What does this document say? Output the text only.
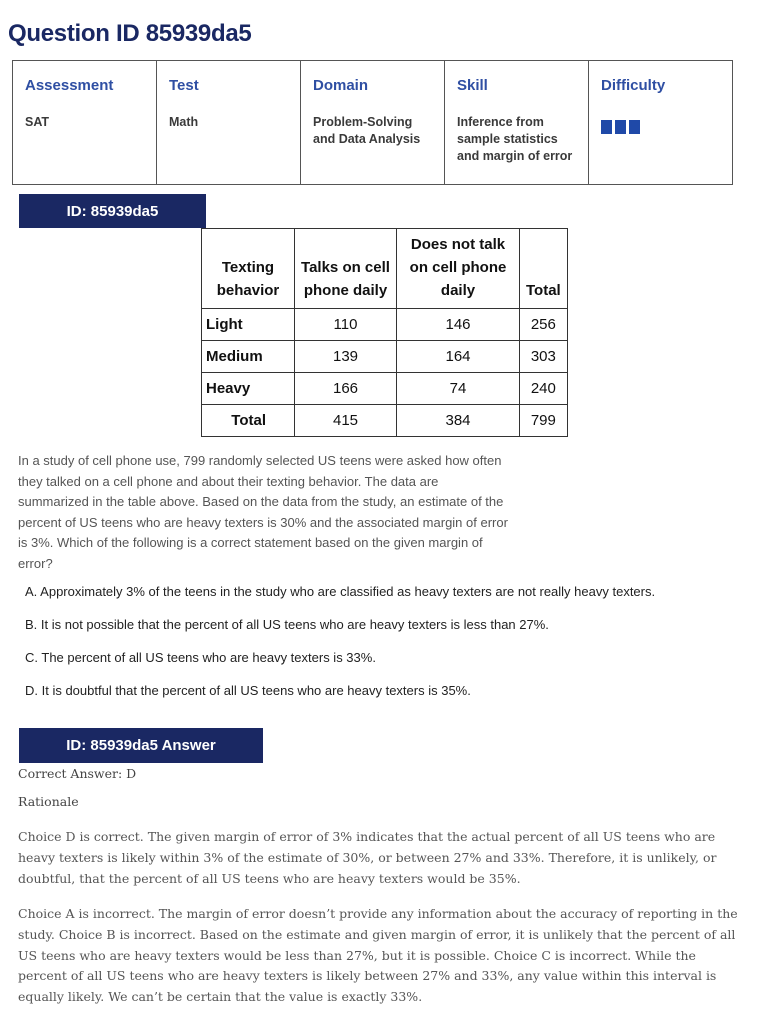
Question ID 85939da5
Assessment
SAT

Test
Math

Domain
Problem-Solving and Data Analysis

Skill
Inference from sample statistics and margin of error

Difficulty
ID: 85939da5
Texting behavior	Talks on cell phone daily	Does not talk on cell phone daily	Total
Light	110	146	256
Medium	139	164	303
Heavy	166	74	240
Total	415	384	799
In a study of cell phone use, 799 randomly selected US teens were asked how often they talked on a cell phone and about their texting behavior. The data are summarized in the table above. Based on the data from the study, an estimate of the percent of US teens who are heavy texters is 30% and the associated margin of error is 3%. Which of the following is a correct statement based on the given margin of error?
A. Approximately 3% of the teens in the study who are classified as heavy texters are not really heavy texters.
B. It is not possible that the percent of all US teens who are heavy texters is less than 27%.
C. The percent of all US teens who are heavy texters is 33%.
D. It is doubtful that the percent of all US teens who are heavy texters is 35%.
ID: 85939da5 Answer
Correct Answer: D
Rationale
Choice D is correct. The given margin of error of 3% indicates that the actual percent of all US teens who are heavy texters is likely within 3% of the estimate of 30%, or between 27% and 33%. Therefore, it is unlikely, or doubtful, that the percent of all US teens who are heavy texters would be 35%.
Choice A is incorrect. The margin of error doesn’t provide any information about the accuracy of reporting in the study. Choice B is incorrect. Based on the estimate and given margin of error, it is unlikely that the percent of all US teens who are heavy texters would be less than 27%, but it is possible. Choice C is incorrect. While the percent of all US teens who are heavy texters is likely between 27% and 33%, any value within this interval is equally likely. We can’t be certain that the value is exactly 33%.
